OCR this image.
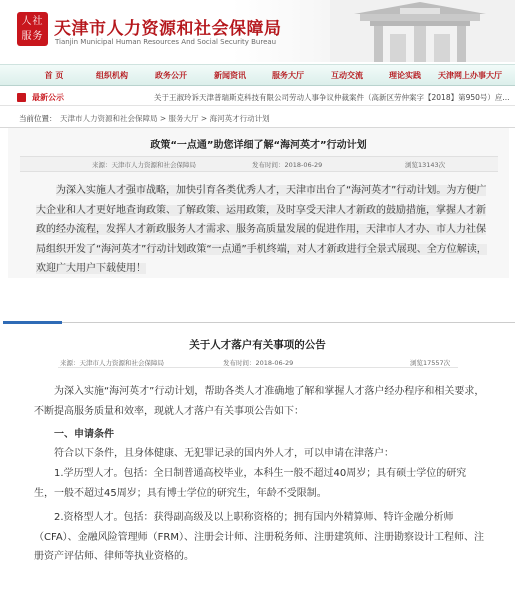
人社
服务 天津市人力资源和社会保障局
Tianjin Municipal Human Resources And Social Security Bureau
首 页	组织机构	政务公开	新闻资讯	服务大厅	互动交流	理论实践 天津网上办事大厅
最新公示	关于王淑玲诉天津普瑞斯克科技有限公司劳动人事争议仲裁案件（高新区劳仲案字【2018】第950号）应...
当前位置： 天津市人力资源和社会保障局 > 服务大厅 > 海河英才行动计划
政策“一点通”助您详细了解“海河英才”行动计划
来源：天津市人力资源和社会保障局	发布时间：2018-06-29	浏览13143次
为深入实施人才强市战略，加快引育各类优秀人才，天津市出台了“海河英才”行动计划。为方便广大企业和人才更好地查询政策、了解政策、运用政策，及时享受天津人才新政的鼓励措施，掌握人才新政的经办流程，发挥人才新政服务人才需求、服务高质量发展的促进作用，天津市人才办、市人力社保局组织开发了“海河英才”行动计划政策“一点通”手机终端，对人才新政进行全景式展现、全方位解读，欢迎广大用户下载使用！
关于人才落户有关事项的公告
来源：天津市人力资源和社会保障局	发布时间：2018-06-29	浏览17557次
为深入实施“海河英才”行动计划，帮助各类人才准确地了解和掌握人才落户经办程序和相关要求，不断提高服务质量和效率，现就人才落户有关事项公告如下：
一、申请条件
符合以下条件，且身体健康、无犯罪记录的国内外人才，可以申请在津落户：
1.学历型人才。包括：全日制普通高校毕业，本科生一般不超过40周岁；具有硕士学位的研究生，一般不超过45周岁；具有博士学位的研究生，年龄不受限制。
2.资格型人才。包括：获得副高级及以上职称资格的；拥有国内外精算师、特许金融分析师（CFA）、金融风险管理师（FRM）、注册会计师、注册税务师、注册建筑师、注册勘察设计工程师、注册资产评估师、律师等执业资格的。
